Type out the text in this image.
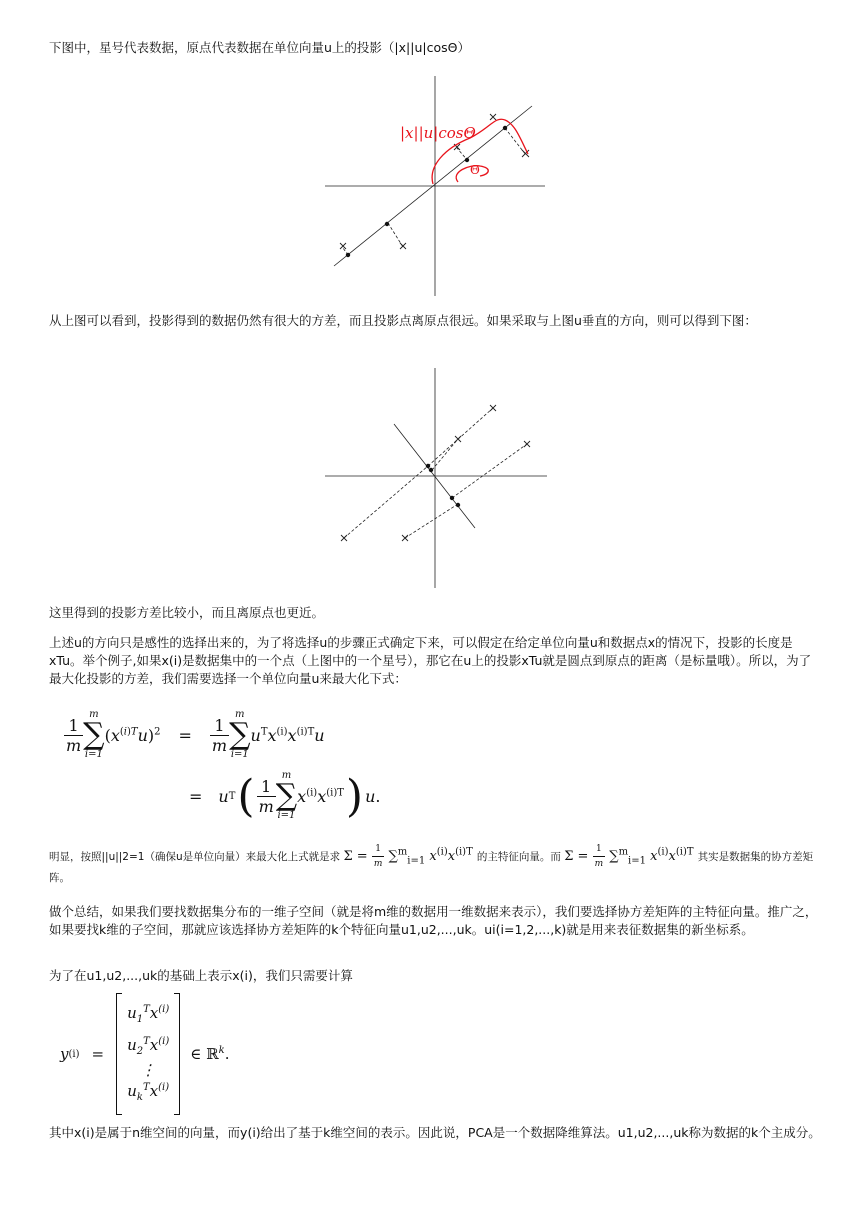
下图中，星号代表数据，原点代表数据在单位向量u上的投影（|x||u|cosΘ）

|x||u|cosΘ
Θ

从上图可以看到，投影得到的数据仍然有很大的方差，而且投影点离原点很远。如果采取与上图u垂直的方向，则可以得到下图：

这里得到的投影方差比较小，而且离原点也更近。

上述u的方向只是感性的选择出来的，为了将选择u的步骤正式确定下来，可以假定在给定单位向量u和数据点x的情况下，投影的长度是xTu。举个例子,如果x(i)是数据集中的一个点（上图中的一个星号），那它在u上的投影xTu就是圆点到原点的距离（是标量哦）。所以，为了最大化投影的方差，我们需要选择一个单位向量u来最大化下式：

$\frac{1}{m}$
m
∑
i=1
$(x^{(i)T}u)^2 = \frac{1}{m}$
m
∑
i=1
$u^Tx^{(i)}x^{(i)T}u$
= u T ( $\frac{1}{m}$
m
∑
i=1
$x^{(i)}x^{(i)T}$ ) u .
明显，按照||u||2=1（确保u是单位向量）来最大化上式就是求 $\Sigma = \frac{1}{m} \sum^m_{i=1}$ $x^{(i)}x^{(i)T}$ 的主特征向量。而 $\Sigma = \frac{1}{m} \sum^m_{i=1}$ $x^{(i)}x^{(i)T}$ 其实是数据集的协方差矩阵。

做个总结，如果我们要找数据集分布的一维子空间（就是将m维的数据用一维数据来表示），我们要选择协方差矩阵的主特征向量。推广之，如果要找k维的子空间，那就应该选择协方差矩阵的k个特征向量u1,u2,...,uk。ui(i=1,2,...,k)就是用来表征数据集的新坐标系。

为了在u1,u2,...,uk的基础上表示x(i)，我们只需要计算

y (i) =
$u_1^Tx^{(i)}$
$u_2^Tx^{(i)}$
⋮
$u_k^Tx^{(i)}$
∈ ℝ$^k$.

其中x(i)是属于n维空间的向量，而y(i)给出了基于k维空间的表示。因此说，PCA是一个数据降维算法。u1,u2,...,uk称为数据的k个主成分。
